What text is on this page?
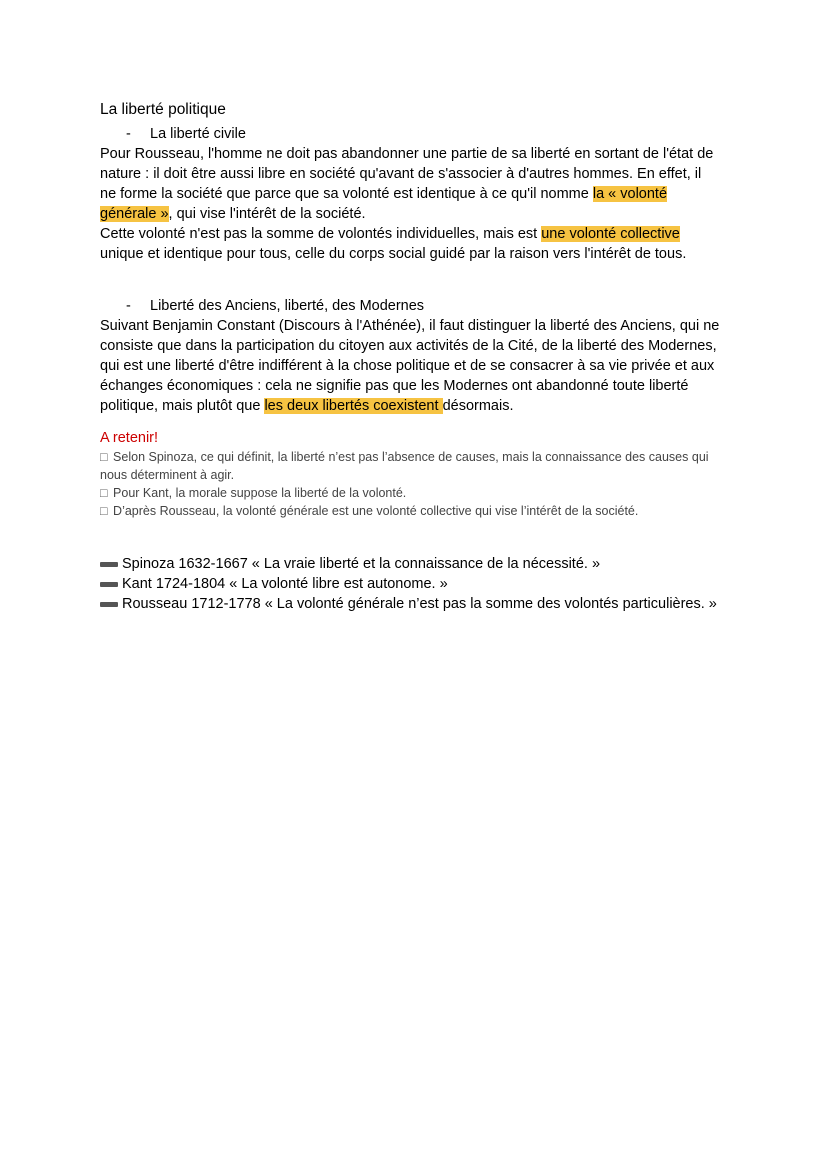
La liberté politique
-	La liberté civile

Pour Rousseau, l'homme ne doit pas abandonner une partie de sa liberté en sortant de l'état de nature : il doit être aussi libre en société qu'avant de s'associer à d'autres hommes. En effet, il ne forme la société que parce que sa volonté est identique à ce qu'il nomme la « volonté générale », qui vise l'intérêt de la société.

Cette volonté n'est pas la somme de volontés individuelles, mais est une volonté collective unique et identique pour tous, celle du corps social guidé par la raison vers l'intérêt de tous.

-	Liberté des Anciens, liberté, des Modernes

Suivant Benjamin Constant (Discours à l'Athénée), il faut distinguer la liberté des Anciens, qui ne consiste que dans la participation du citoyen aux activités de la Cité, de la liberté des Modernes, qui est une liberté d'être indifférent à la chose politique et de se consacrer à sa vie privée et aux échanges économiques : cela ne signifie pas que les Modernes ont abandonné toute liberté politique, mais plutôt que les deux libertés coexistent désormais.

A retenir!

□ Selon Spinoza, ce qui définit, la liberté n’est pas l’absence de causes, mais la connaissance des causes qui nous déterminent à agir.

□ Pour Kant, la morale suppose la liberté de la volonté.

□ D’après Rousseau, la volonté générale est une volonté collective qui vise l’intérêt de la société.

Spinoza 1632-1667 « La vraie liberté et la connaissance de la nécessité. »

Kant 1724-1804 « La volonté libre est autonome. »

Rousseau 1712-1778 « La volonté générale n’est pas la somme des volontés particulières. »
